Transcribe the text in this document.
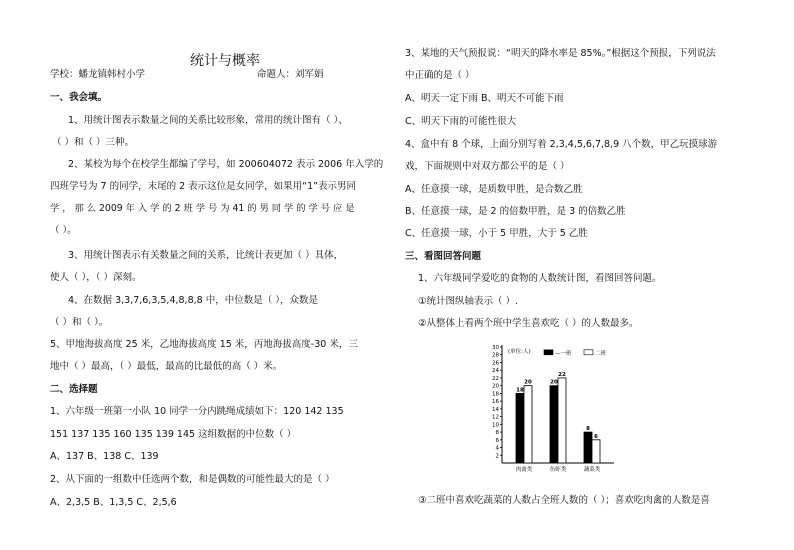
统计与概率
学校：蟠龙镇韩村小学	命题人：刘军娟
一、我会填。
1、用统计图表示数量之间的关系比较形象，常用的统计图有（ ）、
（ ）和（ ）三种。
2、某校为每个在校学生都编了学号，如 200604072 表示 2006 年入学的
四班学号为 7 的同学，末尾的 2 表示这位是女同学，如果用“1”表示男同
学 ， 那 么 2009 年 入 学 的 2 班 学 号 为 41 的 男 同 学 的 学 号 应 是
（ ）。
3、用统计图表示有关数量之间的关系，比统计表更加（ ）具体，
使人（ ），（ ）深刻。
4、在数据 3,3,7,6,3,5,4,8,8,8 中，中位数是（ ），众数是
（ ）和（ ）。
5、甲地海拔高度 25 米，乙地海拔高度 15 米，丙地海拔高度-30 米，三
地中（ ）最高，（ ）最低，最高的比最低的高（ ）米。
二、选择题
1、六年级一班第一小队 10 同学一分内跳绳成绩如下：120 142 135
151 137 135 160 135 139 145 这组数据的中位数（ ）
A、137 B、138 C、139
2、从下面的一组数中任选两个数，和是偶数的可能性最大的是（ ）
A、2,3,5 B、1,3,5 C、2,5,6
3、某地的天气预报说：“明天的降水率是 85%。”根据这个预报，下列说法
中正确的是（ ）
A、明天一定下雨 B、明天不可能下雨
C、明天下雨的可能性很大
4、盒中有 8 个球，上面分别写着 2,3,4,5,6,7,8,9 八个数，甲乙玩摸球游
戏，下面规则中对双方都公平的是（ ）
A、任意摸一球，是质数甲胜，是合数乙胜
B、任意摸一球，是 2 的倍数甲胜，是 3 的倍数乙胜
C、任意摸一球，小于 5 甲胜，大于 5 乙胜
三、看图回答问题
1、六年级同学爱吃的食物的人数统计图，看图回答问题。
①统计图纵轴表示（ ）.
②从整体上看两个班中学生喜欢吃（ ）的人数最多。
③二班中喜欢吃蔬菜的人数占全班人数的（ ）；喜欢吃肉禽的人数是喜
2
4
6
8
10
12
14
16
18
20
22
24
26
28
30
(单位:人)	—一班	二班
18
20
肉禽类
20
22
鱼虾类
8
6
蔬菜类
